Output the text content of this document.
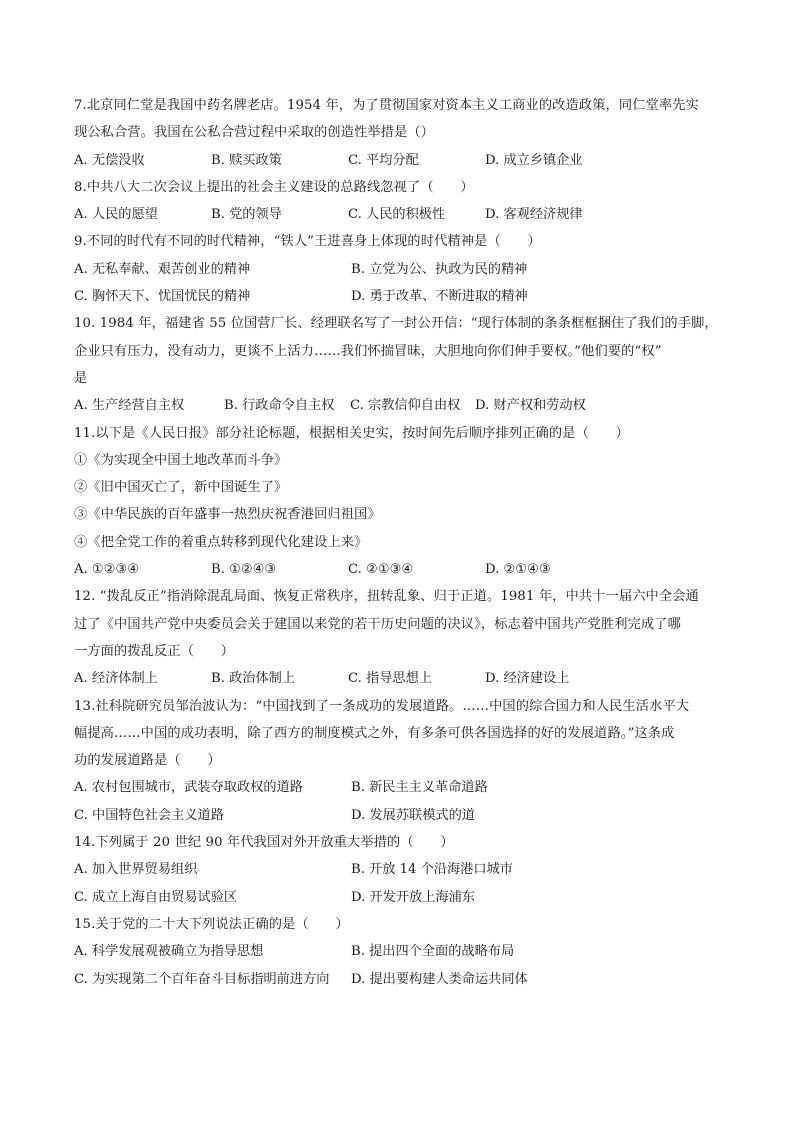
7.北京同仁堂是我国中药名牌老店。1954 年，为了贯彻国家对资本主义工商业的改造政策，同仁堂率先实
现公私合营。我国在公私合营过程中采取的创造性举措是（）
A. 无偿没收	B. 赎买政策	C. 平均分配	D. 成立乡镇企业
8.中共八大二次会议上提出的社会主义建设的总路线忽视了（　　）
A. 人民的愿望	B. 党的领导	C. 人民的积极性	D. 客观经济规律
9.不同的时代有不同的时代精神，“铁人”王进喜身上体现的时代精神是（　　）
A. 无私奉献、艰苦创业的精神	B. 立党为公、执政为民的精神
C. 胸怀天下、忧国忧民的精神	D. 勇于改革、不断进取的精神
10. 1984 年，福建省 55 位国营厂长、经理联名写了一封公开信：“现行体制的条条框框捆住了我们的手脚，
企业只有压力，没有动力，更谈不上活力……我们怀揣冒昧，大胆地向你们伸手要权。”他们要的“权”
是
A. 生产经营自主权	B. 行政命令自主权	C. 宗教信仰自由权	D. 财产权和劳动权
11.以下是《人民日报》部分社论标题，根据相关史实，按时间先后顺序排列正确的是（　　）
①《为实现全中国土地改革而斗争》
②《旧中国灭亡了，新中国诞生了》
③《中华民族的百年盛事一热烈庆祝香港回归祖国》
④《把全党工作的着重点转移到现代化建设上来》
A. ①②③④	B. ①②④③	C. ②①③④	D. ②①④③
12. “拨乱反正”指消除混乱局面、恢复正常秩序，扭转乱象、归于正道。1981 年，中共十一届六中全会通
过了《中国共产党中央委员会关于建国以来党的若干历史问题的决议》，标志着中国共产党胜利完成了哪
一方面的拨乱反正（　　）
A. 经济体制上	B. 政治体制上	C. 指导思想上	D. 经济建设上
13.社科院研究员邹治波认为：“中国找到了一条成功的发展道路。……中国的综合国力和人民生活水平大
幅提高……中国的成功表明，除了西方的制度模式之外，有多条可供各国选择的好的发展道路。”这条成
功的发展道路是（　　）
A. 农村包围城市，武装夺取政权的道路	B. 新民主主义革命道路
C. 中国特色社会主义道路	D. 发展苏联模式的道
14.下列属于 20 世纪 90 年代我国对外开放重大举措的（　　）
A. 加入世界贸易组织	B. 开放 14 个沿海港口城市
C. 成立上海自由贸易试验区	D. 开发开放上海浦东
15.关于党的二十大下列说法正确的是（　　）
A. 科学发展观被确立为指导思想	B. 提出四个全面的战略布局
C. 为实现第二个百年奋斗目标指明前进方向	D. 提出要构建人类命运共同体
